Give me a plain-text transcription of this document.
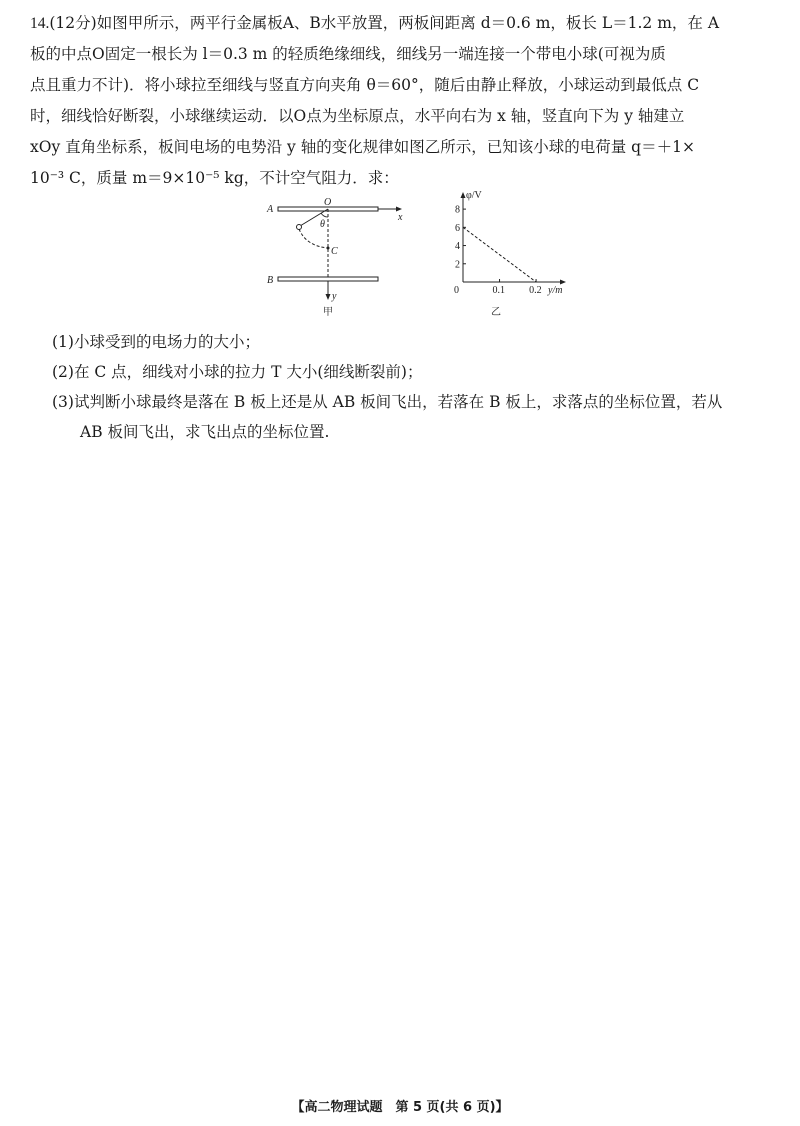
14.(12分)如图甲所示，两平行金属板A、B水平放置，两板间距离 d＝0.6 m，板长 L＝1.2 m，在 A

板的中点O固定一根长为 l＝0.3 m 的轻质绝缘细线，细线另一端连接一个带电小球(可视为质

点且重力不计)．将小球拉至细线与竖直方向夹角 θ＝60°，随后由静止释放，小球运动到最低点 C

时，细线恰好断裂，小球继续运动．以O点为坐标原点，水平向右为 x 轴，竖直向下为 y 轴建立

xOy 直角坐标系，板间电场的电势沿 y 轴的变化规律如图乙所示，已知该小球的电荷量 q＝＋1×

10⁻³ C，质量 m＝9×10⁻⁵ kg，不计空气阻力．求：

A
B
O
θ
C
x
y
甲
2
4
6
8
0.1 0.2
φ/V
y/m
0
乙

(1)小球受到的电场力的大小；

(2)在 C 点，细线对小球的拉力 T 大小(细线断裂前)；

(3)试判断小球最终是落在 B 板上还是从 AB 板间飞出，若落在 B 板上，求落点的坐标位置，若从

AB 板间飞出，求飞出点的坐标位置.

【高二物理试题　第 5 页(共 6 页)】
